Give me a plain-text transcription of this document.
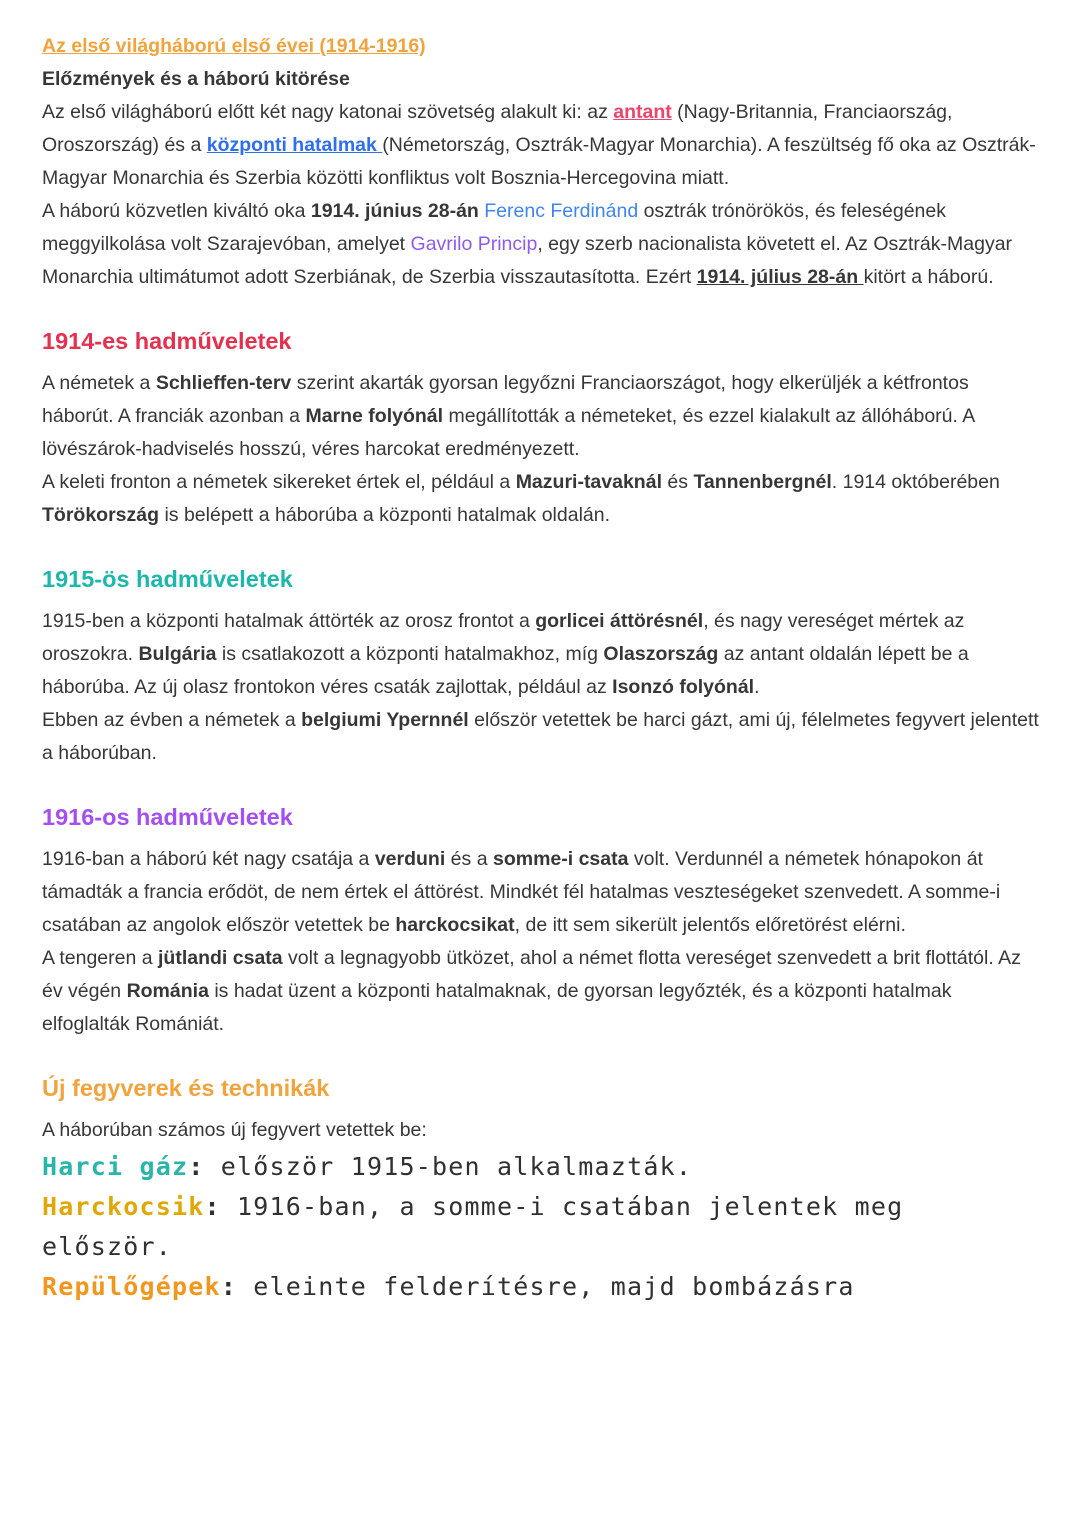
Az első világháború első évei (1914-1916)

Előzmények és a háború kitörése

Az első világháború előtt két nagy katonai szövetség alakult ki: az antant (Nagy-Britannia, Franciaország, Oroszország) és a központi hatalmak (Németország, Osztrák-Magyar Monarchia). A feszültség fő oka az Osztrák-Magyar Monarchia és Szerbia közötti konfliktus volt Bosznia-Hercegovina miatt.

A háború közvetlen kiváltó oka 1914. június 28-án Ferenc Ferdinánd osztrák trónörökös, és feleségének meggyilkolása volt Szarajevóban, amelyet Gavrilo Princip, egy szerb nacionalista követett el. Az Osztrák-Magyar Monarchia ultimátumot adott Szerbiának, de Szerbia visszautasította. Ezért 1914. július 28-án kitört a háború.

1914-es hadműveletek

A németek a Schlieffen-terv szerint akarták gyorsan legyőzni Franciaországot, hogy elkerüljék a kétfrontos háborút. A franciák azonban a Marne folyónál megállították a németeket, és ezzel kialakult az állóháború. A lövészárok-hadviselés hosszú, véres harcokat eredményezett.
A keleti fronton a németek sikereket értek el, például a Mazuri-tavaknál és Tannenbergnél. 1914 októberében Törökország is belépett a háborúba a központi hatalmak oldalán.

1915-ös hadműveletek

1915-ben a központi hatalmak áttörték az orosz frontot a gorlicei áttörésnél, és nagy vereséget mértek az oroszokra. Bulgária is csatlakozott a központi hatalmakhoz, míg Olaszország az antant oldalán lépett be a háborúba. Az új olasz frontokon véres csaták zajlottak, például az Isonzó folyónál.
Ebben az évben a németek a belgiumi Ypernnél először vetettek be harci gázt, ami új, félelmetes fegyvert jelentett a háborúban.

1916-os hadműveletek

1916-ban a háború két nagy csatája a verduni és a somme-i csata volt. Verdunnél a németek hónapokon át támadták a francia erődöt, de nem értek el áttörést. Mindkét fél hatalmas veszteségeket szenvedett. A somme-i csatában az angolok először vetettek be harckocsikat, de itt sem sikerült jelentős előretörést elérni.
A tengeren a jütlandi csata volt a legnagyobb ütközet, ahol a német flotta vereséget szenvedett a brit flottától. Az év végén Románia is hadat üzent a központi hatalmaknak, de gyorsan legyőzték, és a központi hatalmak elfoglalták Romániát.

Új fegyverek és technikák

A háborúban számos új fegyvert vetettek be:

Harci gáz: először 1915-ben alkalmazták.

Harckocsik: 1916-ban, a somme-i csatában jelentek meg először.

Repülőgépek: eleinte felderítésre, majd bombázásra
